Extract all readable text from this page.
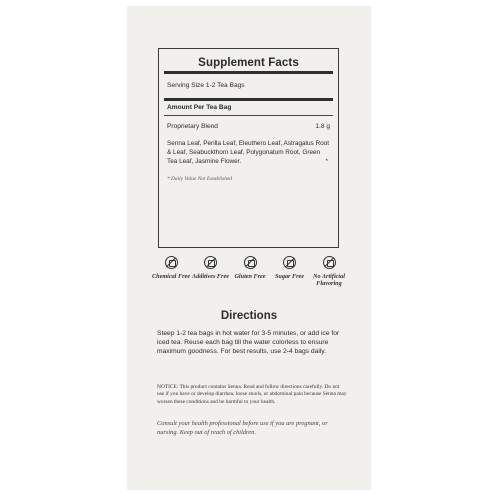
Supplement Facts
Serving Size 1-2 Tea Bags
Amount Per Tea Bag
Proprietary Blend	1.8 g
Senna Leaf, Perilla Leaf, Eleuthero Leaf, Astragalus Root & Leaf, Seabuckthorn Leaf, Polygonatum Root, Green Tea Leaf, Jasmine Flower.	*
* Daily Value Not Established
Chemical Free Additives Free Gluten Free	Sugar Free	No Artificial Flavoring
Directions
Steep 1-2 tea bags in hot water for 3-5 minutes, or add ice for iced tea. Reuse each bag till the water colorless to ensure maximum goodness. For best results, use 2-4 bags daily.
NOTICE: This product contains Senna. Read and follow directions carefully. Do not use if you have or develop diarrhea, loose stools, or abdominal pain because Senna may worsen these conditions and be harmful to your health.
Consult your health professional before use if you are pregnant, or nursing. Keep out of reach of children.
